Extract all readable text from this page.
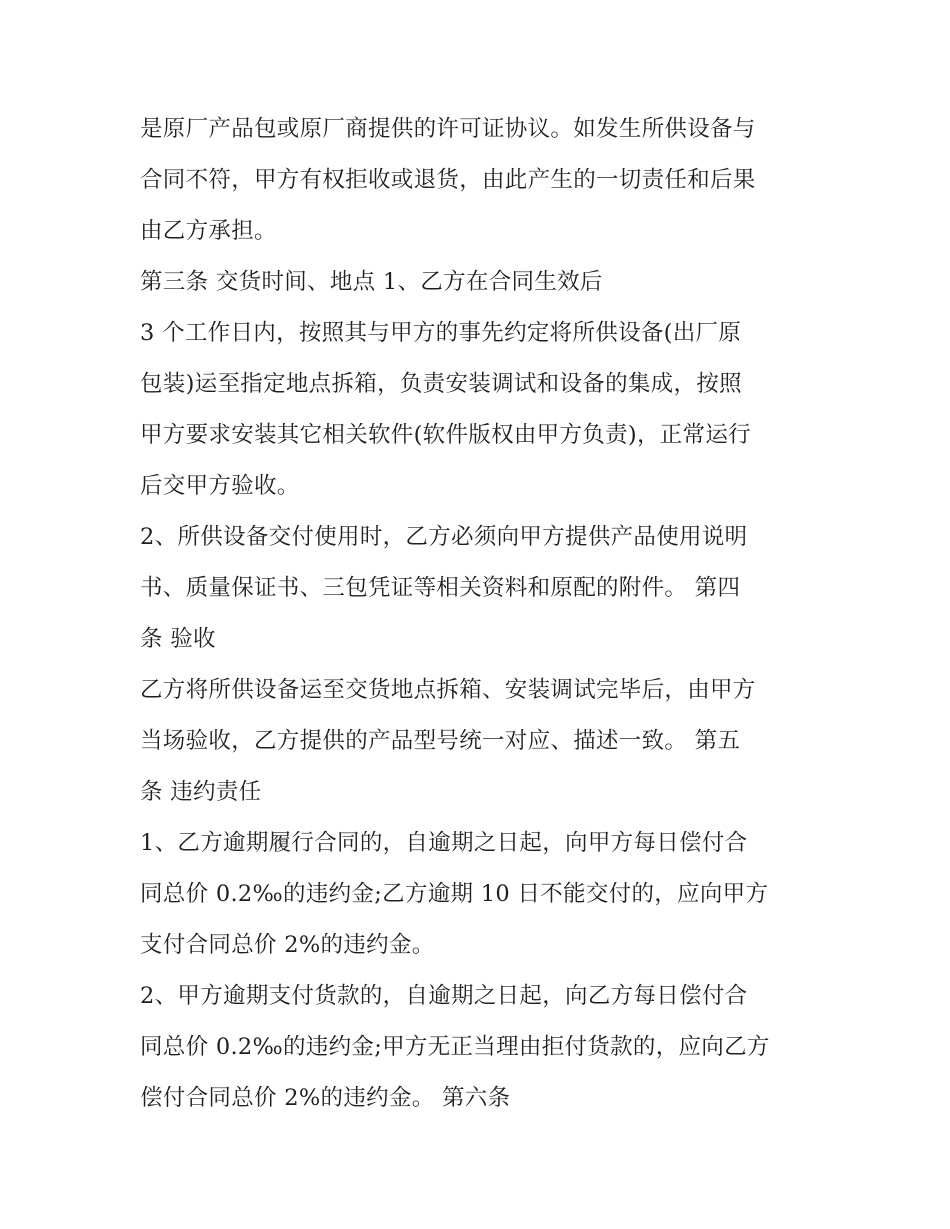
是原厂产品包或原厂商提供的许可证协议。如发生所供设备与
合同不符，甲方有权拒收或退货，由此产生的一切责任和后果
由乙方承担。
第三条 交货时间、地点 1、乙方在合同生效后
3 个工作日内，按照其与甲方的事先约定将所供设备(出厂原
包装)运至指定地点拆箱，负责安装调试和设备的集成，按照
甲方要求安装其它相关软件(软件版权由甲方负责)，正常运行
后交甲方验收。
2、所供设备交付使用时，乙方必须向甲方提供产品使用说明
书、质量保证书、三包凭证等相关资料和原配的附件。 第四
条 验收
乙方将所供设备运至交货地点拆箱、安装调试完毕后，由甲方
当场验收，乙方提供的产品型号统一对应、描述一致。 第五
条 违约责任
1、乙方逾期履行合同的，自逾期之日起，向甲方每日偿付合
同总价 0.2‰的违约金;乙方逾期 10 日不能交付的，应向甲方
支付合同总价 2%的违约金。
2、甲方逾期支付货款的，自逾期之日起，向乙方每日偿付合
同总价 0.2‰的违约金;甲方无正当理由拒付货款的，应向乙方
偿付合同总价 2%的违约金。 第六条
